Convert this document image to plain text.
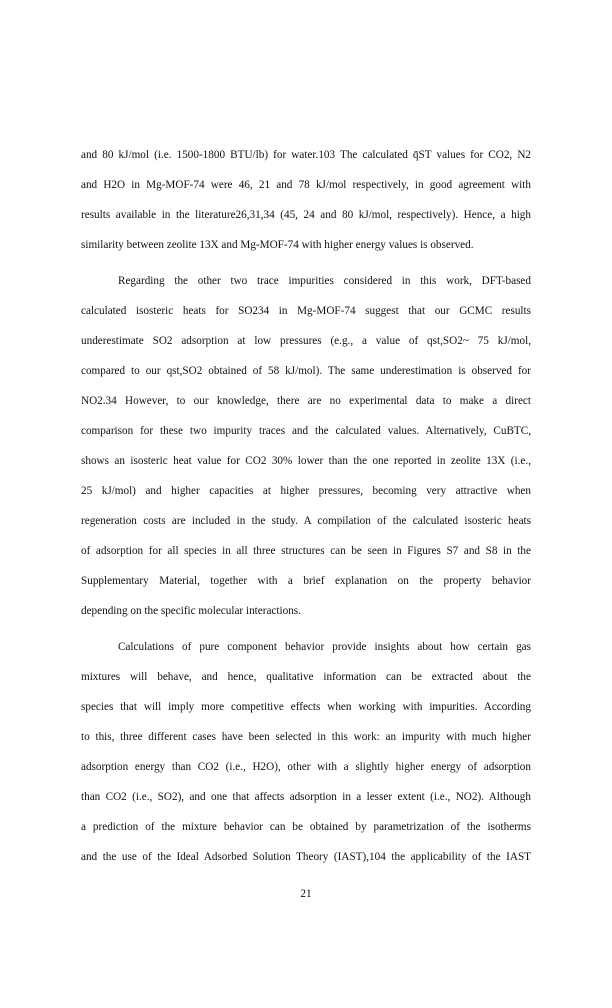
and 80 kJ/mol (i.e. 1500-1800 BTU/lb) for water.103 The calculated q̄ST values for CO2, N2
and H2O in Mg-MOF-74 were 46, 21 and 78 kJ/mol respectively, in good agreement with
results available in the literature26,31,34 (45, 24 and 80 kJ/mol, respectively). Hence, a high
similarity between zeolite 13X and Mg-MOF-74 with higher energy values is observed.
Regarding the other two trace impurities considered in this work, DFT-based
calculated isosteric heats for SO234 in Mg-MOF-74 suggest that our GCMC results
underestimate SO2 adsorption at low pressures (e.g., a value of qst,SO2~ 75 kJ/mol,
compared to our qst,SO2 obtained of 58 kJ/mol). The same underestimation is observed for
NO2.34 However, to our knowledge, there are no experimental data to make a direct
comparison for these two impurity traces and the calculated values. Alternatively, CuBTC,
shows an isosteric heat value for CO2 30% lower than the one reported in zeolite 13X (i.e.,
25 kJ/mol) and higher capacities at higher pressures, becoming very attractive when
regeneration costs are included in the study. A compilation of the calculated isosteric heats
of adsorption for all species in all three structures can be seen in Figures S7 and S8 in the
Supplementary Material, together with a brief explanation on the property behavior
depending on the specific molecular interactions.
Calculations of pure component behavior provide insights about how certain gas
mixtures will behave, and hence, qualitative information can be extracted about the
species that will imply more competitive effects when working with impurities. According
to this, three different cases have been selected in this work: an impurity with much higher
adsorption energy than CO2 (i.e., H2O), other with a slightly higher energy of adsorption
than CO2 (i.e., SO2), and one that affects adsorption in a lesser extent (i.e., NO2). Although
a prediction of the mixture behavior can be obtained by parametrization of the isotherms
and the use of the Ideal Adsorbed Solution Theory (IAST),104 the applicability of the IAST
21
